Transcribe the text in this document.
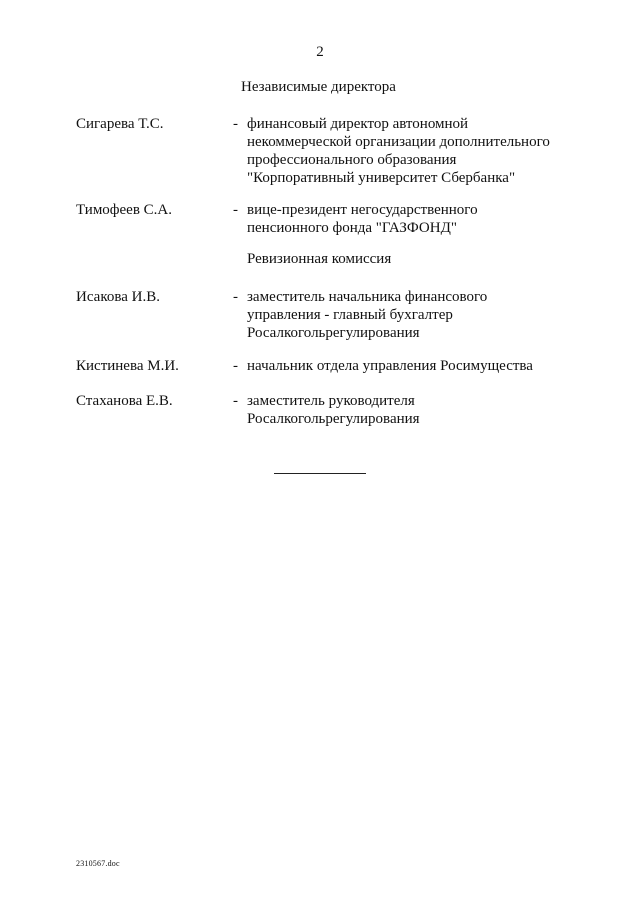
2
Независимые директора
Сигарева Т.С.	- финансовый директор автономной
некоммерческой организации дополнительного
профессионального образования
"Корпоративный университет Сбербанка"
Тимофеев С.А.	- вице-президент негосударственного
пенсионного фонда "ГАЗФОНД"
Ревизионная комиссия
Исакова И.В.	- заместитель начальника финансового
управления - главный бухгалтер
Росалкогольрегулирования
Кистинева М.И.	- начальник отдела управления Росимущества
Стаханова Е.В.	- заместитель руководителя
Росалкогольрегулирования
2310567.doc
